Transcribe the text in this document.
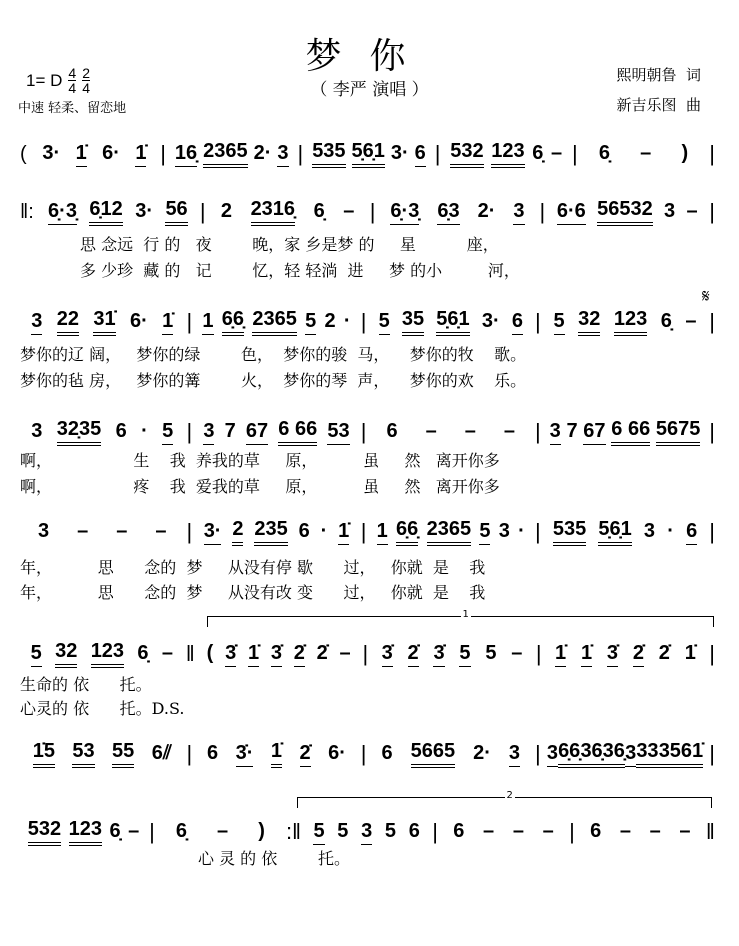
梦你
（ 李严 演唱 ）
1= D $\frac{4}{4} \frac{2}{4}$
中速 轻柔、留恋地
熙明朝鲁  词
新吉乐图  曲
𝄋
1
2
( 3· 1̇ 6· 1̇ | 16̣ 2365 2· 3 | 535 5̣6̣1 3· 6 | 532 123 6̣ – | 6̣ – ) |
‖: 6̣·3̣ 6̣12 3· 56 | 2 2316̣ 6̣ – | 6̣·3̣ 6̣3 2· 3 | 6·6 56532 3 – |
思 念远  行 的   夜        晚，家 乡是梦 的     星          座，
多 少珍  藏 的   记        忆，轻 轻淌  进     梦 的小         河，
3 22 31̇ 6· 1̇ | 1 6̣6̣ 2365 5 2 · | 5 35 5̣6̣1 3· 6 | 5 32 123 6̣ – |
梦你的辽 阔，   梦你的绿        色，  梦你的骏  马，    梦你的牧    歌。
梦你的毡 房，   梦你的篝        火，  梦你的琴  声，    梦你的欢    乐。
3 32̣35 6 · 5 | 3 7 67 6 66 53 | 6 – – – | 3 7 67 6 66 5675 |
啊，                生    我  养我的草     原，         虽     然   离开你多
啊，                疼    我  爱我的草     原，         虽     然   离开你多
3 – – – | 3· 2 235 6 · 1̇ | 1 6̣6̣ 2365 5 3 · | 535 5̣6̣1 3 · 6 |
年，         思      念的  梦     从没有停 歇      过，   你就  是    我
年，         思      念的  梦     从没有改 变      过，   你就  是    我
5 32 123 6̣ – ‖ ( 3̇ 1̇ 3̇ 2̇ 2̇ – | 3̇ 2̇ 3̇ 5 5 – | 1̇ 1̇ 3̇ 2̇ 2̇ 1̇ |
生命的 依      托。
心灵的 依      托。D.S.
1̇5 53 55 6⫽ | 6 3̇· 1̇ 2̇ 6· | 6 5665 2· 3 | 3 6̣6̣ 36̣36̣ 3 33 3561̇ |
532 123 6̣ – | 6̣ – ) :‖ 5 5 3 5 6 | 6 – – – | 6 – – – ‖
心 灵 的 依        托。
